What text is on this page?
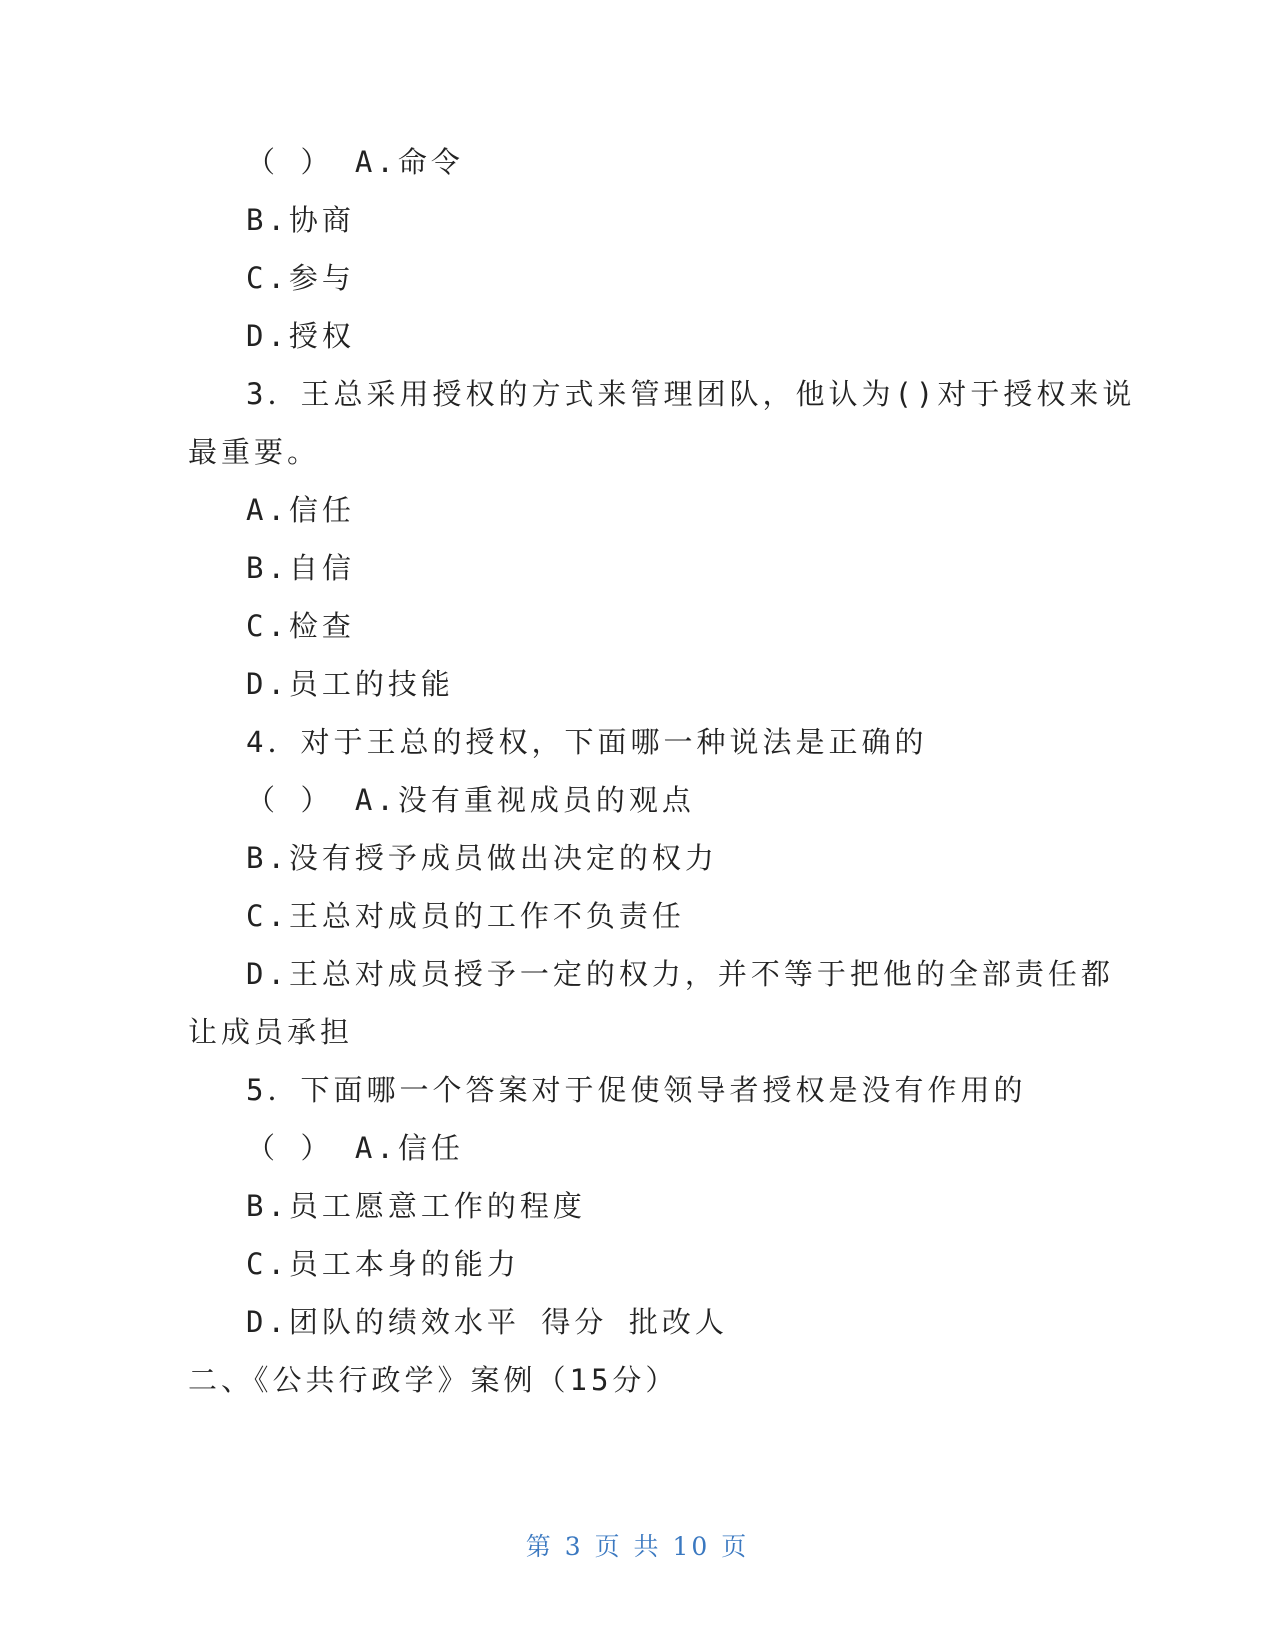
（ ） A.命令
B.协商
C.参与
D.授权
3．王总采用授权的方式来管理团队，他认为()对于授权来说
最重要。
A.信任
B.自信
C.检查
D.员工的技能
4．对于王总的授权，下面哪一种说法是正确的
（ ） A.没有重视成员的观点
B.没有授予成员做出决定的权力
C.王总对成员的工作不负责任
D.王总对成员授予一定的权力，并不等于把他的全部责任都
让成员承担
5．下面哪一个答案对于促使领导者授权是没有作用的
（ ） A.信任
B.员工愿意工作的程度
C.员工本身的能力
D.团队的绩效水平 得分 批改人
二、《公共行政学》案例（15分）
第 3 页 共 10 页
